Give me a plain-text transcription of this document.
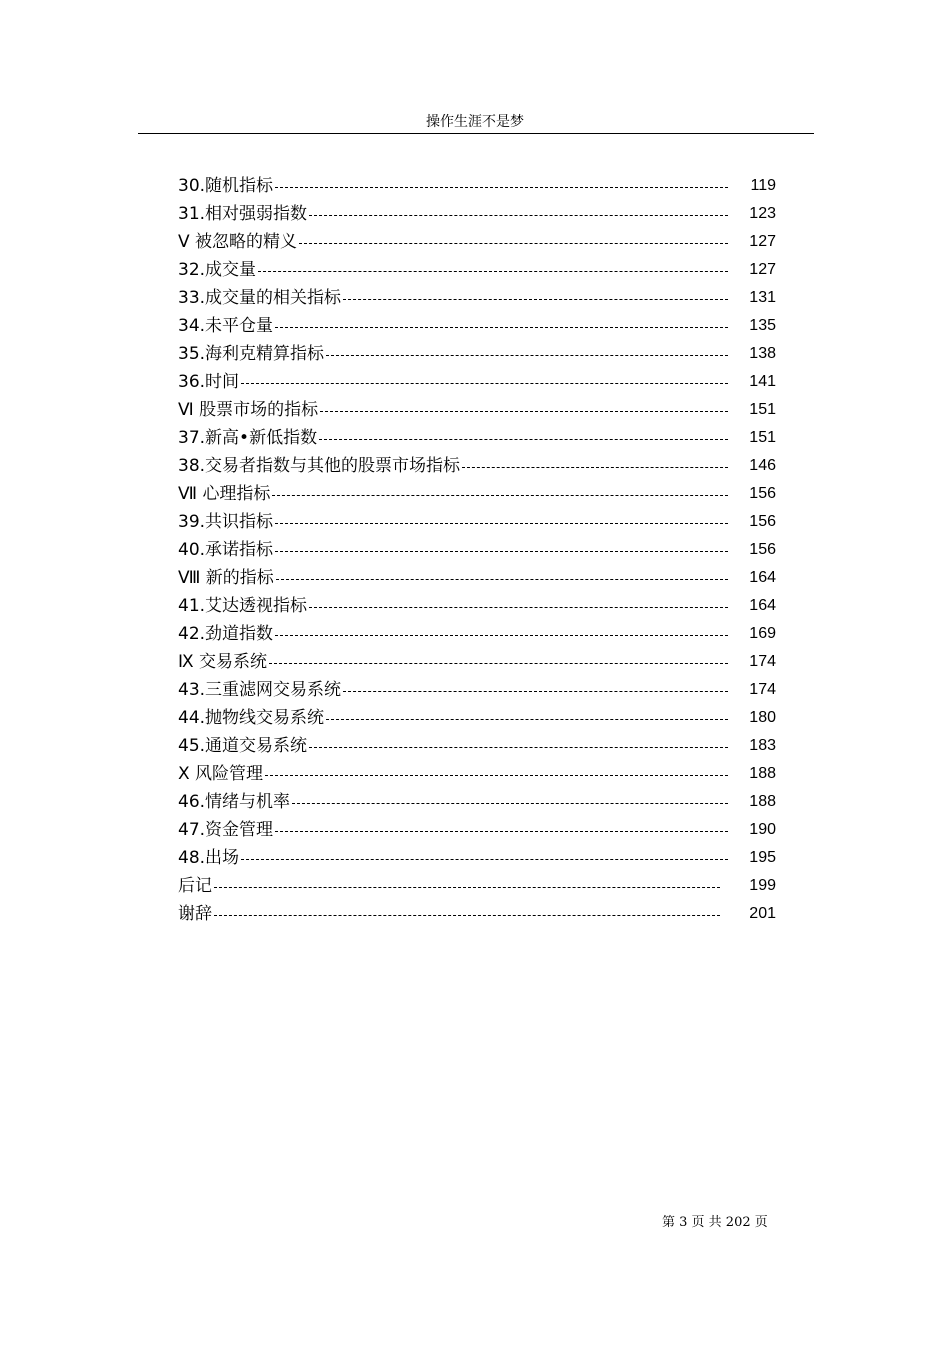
操作生涯不是梦
30.随机指标	119
31.相对强弱指数	123
Ⅴ 被忽略的精义	127
32.成交量	127
33.成交量的相关指标	131
34.未平仓量	135
35.海利克精算指标	138
36.时间	141
Ⅵ 股票市场的指标	151
37.新高•新低指数	151
38.交易者指数与其他的股票市场指标	146
Ⅶ 心理指标	156
39.共识指标	156
40.承诺指标	156
Ⅷ 新的指标	164
41.艾达透视指标	164
42.劲道指数	169
Ⅸ 交易系统	174
43.三重滤网交易系统	174
44.抛物线交易系统	180
45.通道交易系统	183
Ⅹ 风险管理	188
46.情绪与机率	188
47.资金管理	190
48.出场	195
后记	199
谢辞	201
第 3 页 共 202 页
